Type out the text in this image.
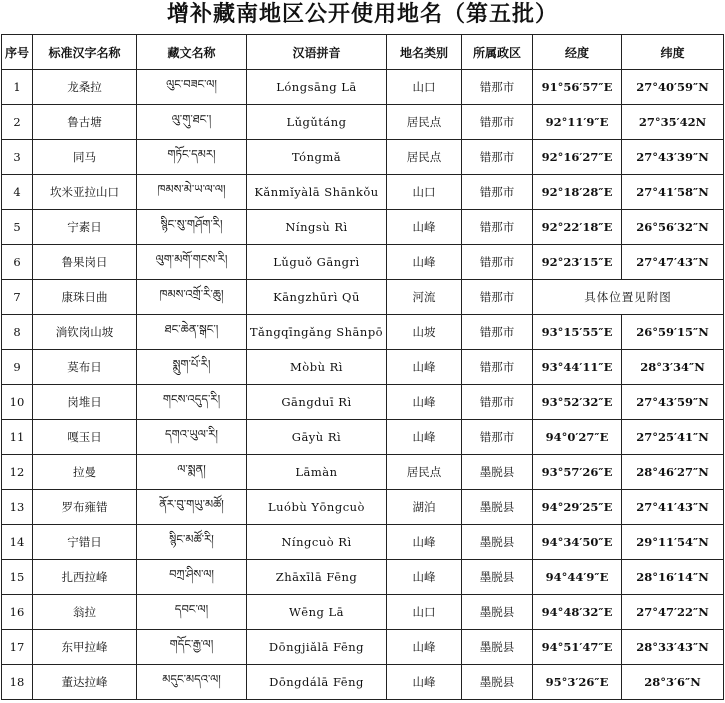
增补藏南地区公开使用地名（第五批）
序号	标准汉字名称	藏文名称	汉语拼音	地名类别	所属政区	经度	纬度
1	龙桑拉	ལུང་བཟང་ལ།	Lóngsāng Lā	山口	错那市	91°56′57″E	27°40′59″N
2	鲁古塘	ལུ་གུ་ཐང་།	Lǔgǔtáng	居民点	错那市	92°11′9″E	27°35′42N
3	同马	གཏོང་དམར།	Tóngmǎ	居民点	错那市	92°16′27″E	27°43′39″N
4	坎米亚拉山口	ཁམས་མེ་ཡ་ལ་ལ།	Kǎnmǐyàlā Shānkǒu	山口	错那市	92°18′28″E	27°41′58″N
5	宁素日	སྙིང་སུ་གཤོག་རི།	Níngsù Rì	山峰	错那市	92°22′18″E	26°56′32″N
6	鲁果岗日	ལུག་མགོ་གངས་རི།	Lǔguǒ Gāngrì	山峰	错那市	92°23′15″E	27°47′43″N
7	康珠日曲	ཁམས་འགྲོ་རི་ཆུ།	Kāngzhūrì Qū	河流	错那市	具体位置见附图	
8	淌钦岗山坡	ཐང་ཆེན་སྒང་།	Tǎngqīngǎng Shānpō	山坡	错那市	93°15′55″E	26°59′15″N
9	莫布日	སྨུག་པོ་རི།	Mòbù Rì	山峰	错那市	93°44′11″E	28°3′34″N
10	岗堆日	གངས་འདུད་རི།	Gāngduī Rì	山峰	错那市	93°52′32″E	27°43′59″N
11	嘎玉日	དགའ་ཡུལ་རི།	Gāyù Rì	山峰	错那市	94°0′27″E	27°25′41″N
12	拉曼	ལ་སྨན།	Lāmàn	居民点	墨脱县	93°57′26″E	28°46′27″N
13	罗布雍错	ནོར་བུ་གཡུ་མཚོ།	Luóbù Yōngcuò	湖泊	墨脱县	94°29′25″E	27°41′43″N
14	宁错日	སྙིང་མཚོ་རི།	Níngcuò Rì	山峰	墨脱县	94°34′50″E	29°11′54″N
15	扎西拉峰	བཀྲ་ཤིས་ལ།	Zhāxīlā Fēng	山峰	墨脱县	94°44′9″E	28°16′14″N
16	翁拉	དབང་ལ།	Wēng Lā	山口	墨脱县	94°48′32″E	27°47′22″N
17	东甲拉峰	གདོང་རྒྱ་ལ།	Dōngjiǎlā Fēng	山峰	墨脱县	94°51′47″E	28°33′43″N
18	董达拉峰	མདུང་མདའ་ལ།	Dōngdálā Fēng	山峰	墨脱县	95°3′26″E	28°3′6″N
